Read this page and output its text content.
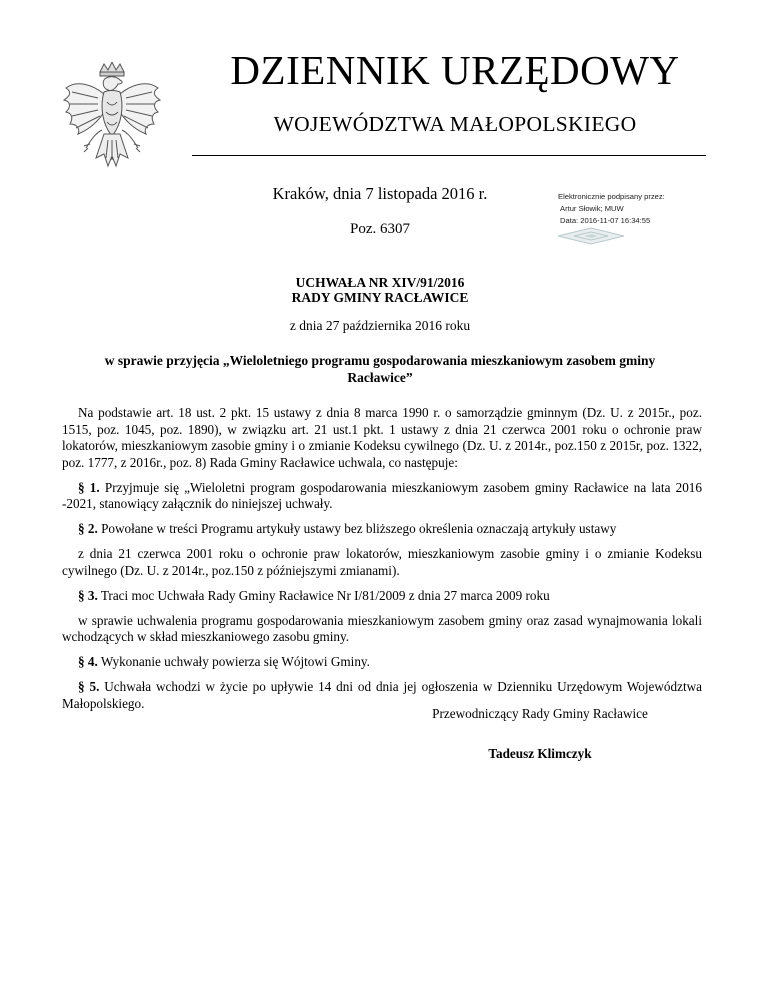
DZIENNIK URZĘDOWY
WOJEWÓDZTWA MAŁOPOLSKIEGO
Kraków, dnia 7 listopada 2016 r.
Poz. 6307
Elektronicznie podpisany przez:
Artur Słowik; MUW
Data: 2016-11-07 16:34:55
UCHWAŁA NR XIV/91/2016
RADY GMINY RACŁAWICE
z dnia 27 października 2016 roku
w sprawie przyjęcia „Wieloletniego programu gospodarowania mieszkaniowym zasobem gminy Racławice”

Na podstawie art. 18 ust. 2 pkt. 15 ustawy z dnia 8 marca 1990 r. o samorządzie gminnym (Dz. U. z 2015r., poz. 1515, poz. 1045, poz. 1890), w związku art. 21 ust.1 pkt. 1 ustawy z dnia 21 czerwca 2001 roku o ochronie praw lokatorów, mieszkaniowym zasobie gminy i o zmianie Kodeksu cywilnego (Dz. U. z 2014r., poz.150 z 2015r, poz. 1322, poz. 1777, z 2016r., poz. 8) Rada Gminy Racławice uchwala, co następuje:

§ 1. Przyjmuje się „Wieloletni program gospodarowania mieszkaniowym zasobem gminy Racławice na lata 2016 -2021, stanowiący załącznik do niniejszej uchwały.

§ 2. Powołane w treści Programu artykuły ustawy bez bliższego określenia oznaczają artykuły ustawy

z dnia 21 czerwca 2001 roku o ochronie praw lokatorów, mieszkaniowym zasobie gminy i o zmianie Kodeksu cywilnego (Dz. U. z 2014r., poz.150 z późniejszymi zmianami).

§ 3. Traci moc Uchwała Rady Gminy Racławice Nr I/81/2009 z dnia 27 marca 2009 roku

w sprawie uchwalenia programu gospodarowania mieszkaniowym zasobem gminy oraz zasad wynajmowania lokali wchodzących w skład mieszkaniowego zasobu gminy.

§ 4. Wykonanie uchwały powierza się Wójtowi Gminy.

§ 5. Uchwała wchodzi w życie po upływie 14 dni od dnia jej ogłoszenia w Dzienniku Urzędowym Województwa Małopolskiego.

Przewodniczący Rady Gminy Racławice
Tadeusz Klimczyk
